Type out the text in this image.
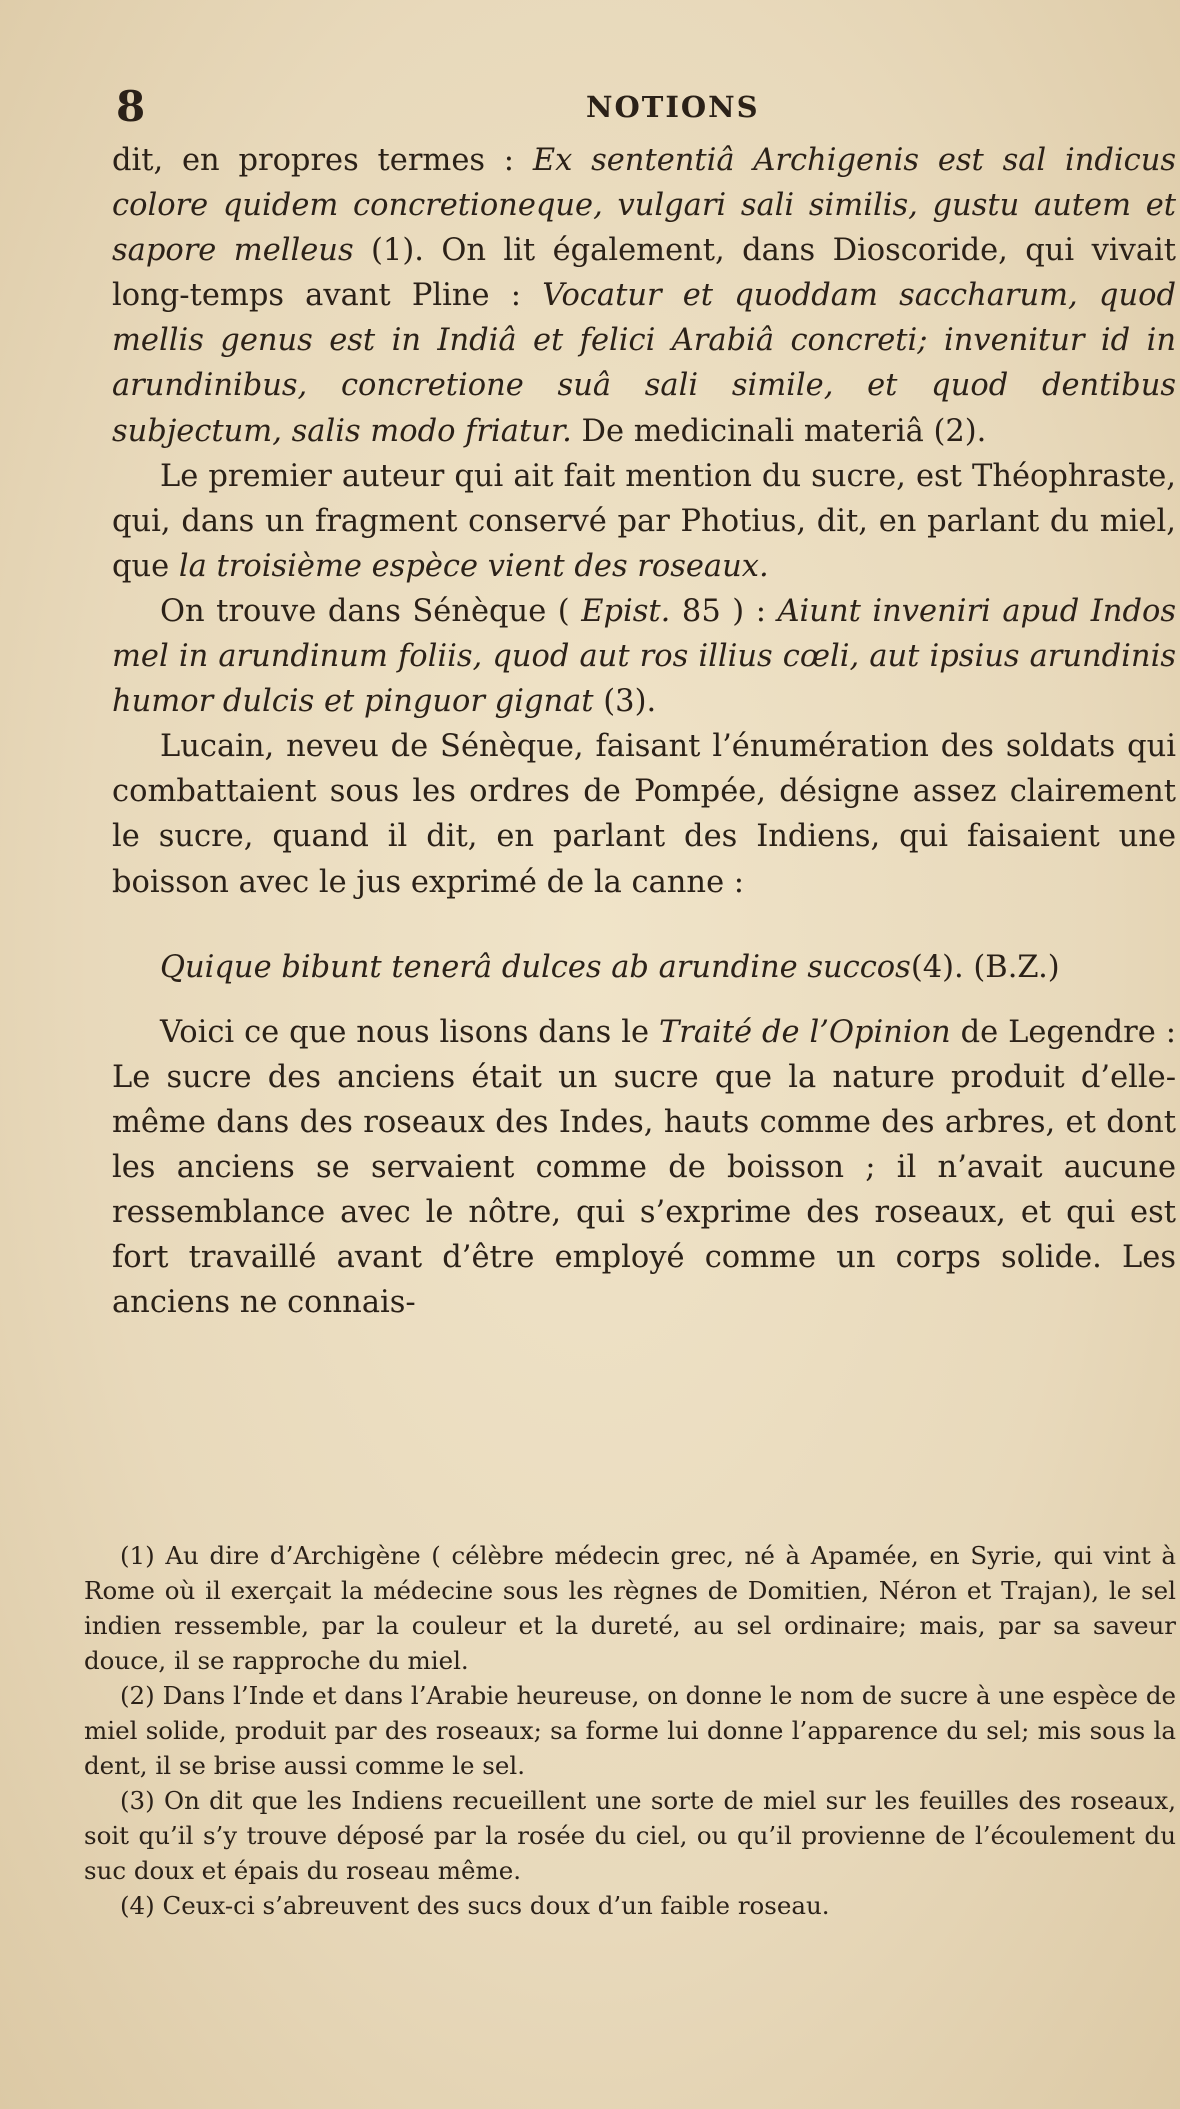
8	NOTIONS

dit, en propres termes : Ex sententiâ Archigenis est sal indicus colore quidem concretioneque, vulgari sali similis, gustu autem et sapore melleus (1). On lit également, dans Dioscoride, qui vivait long-temps avant Pline : Vocatur et quoddam saccharum, quod mellis genus est in Indiâ et felici Arabiâ concreti; invenitur id in arundinibus, concretione suâ sali simile, et quod dentibus subjectum, salis modo friatur. De medicinali materiâ (2).

Le premier auteur qui ait fait mention du sucre, est Théophraste, qui, dans un fragment conservé par Photius, dit, en parlant du miel, que la troisième espèce vient des roseaux.

On trouve dans Sénèque ( Epist. 85 ) : Aiunt inveniri apud Indos mel in arundinum foliis, quod aut ros illius cœli, aut ipsius arundinis humor dulcis et pinguor gignat (3).

Lucain, neveu de Sénèque, faisant l’énumération des soldats qui combattaient sous les ordres de Pompée, désigne assez clairement le sucre, quand il dit, en parlant des Indiens, qui faisaient une boisson avec le jus exprimé de la canne :

Quique bibunt tenerâ dulces ab arundine succos(4). (B.Z.)

Voici ce que nous lisons dans le Traité de l’Opinion de Legendre : Le sucre des anciens était un sucre que la nature produit d’elle-même dans des roseaux des Indes, hauts comme des arbres, et dont les anciens se servaient comme de boisson ; il n’avait aucune ressemblance avec le nôtre, qui s’exprime des roseaux, et qui est fort travaillé avant d’être employé comme un corps solide. Les anciens ne connais-

(1) Au dire d’Archigène ( célèbre médecin grec, né à Apamée, en Syrie, qui vint à Rome où il exerçait la médecine sous les règnes de Domitien, Néron et Trajan), le sel indien ressemble, par la couleur et la dureté, au sel ordinaire; mais, par sa saveur douce, il se rapproche du miel.

(2) Dans l’Inde et dans l’Arabie heureuse, on donne le nom de sucre à une espèce de miel solide, produit par des roseaux; sa forme lui donne l’apparence du sel; mis sous la dent, il se brise aussi comme le sel.

(3) On dit que les Indiens recueillent une sorte de miel sur les feuilles des roseaux, soit qu’il s’y trouve déposé par la rosée du ciel, ou qu’il provienne de l’écoulement du suc doux et épais du roseau même.

(4) Ceux-ci s’abreuvent des sucs doux d’un faible roseau.
